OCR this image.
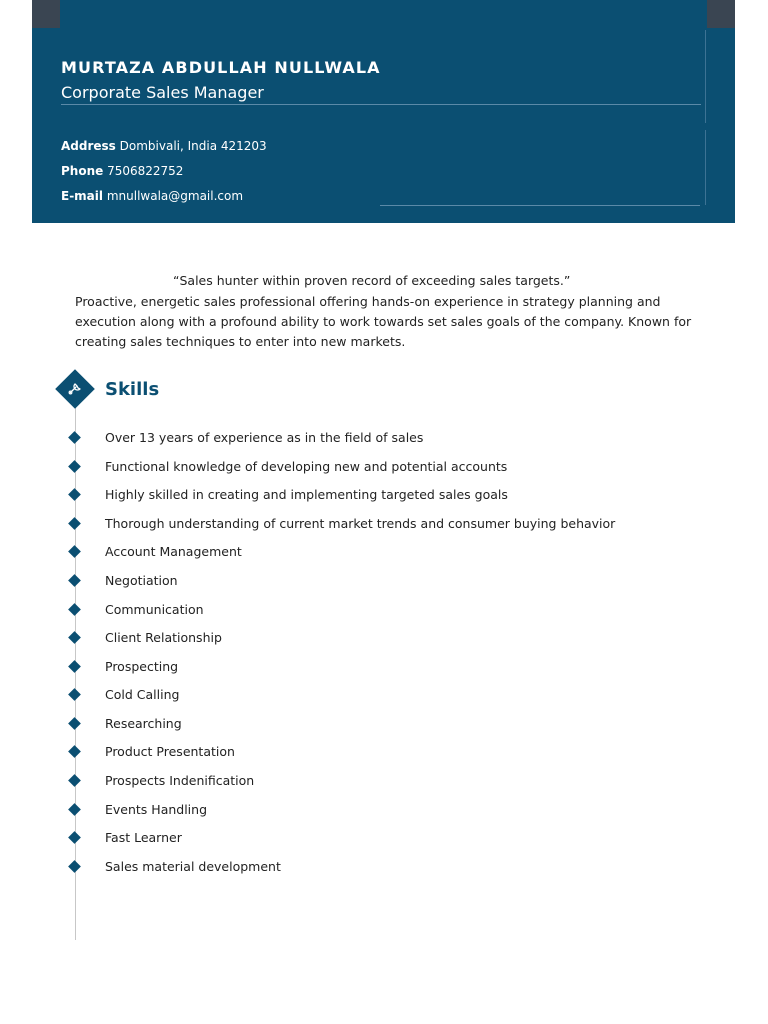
MURTAZA ABDULLAH NULLWALA
Corporate Sales Manager
Address Dombivali, India 421203
Phone 7506822752
E-mail mnullwala@gmail.com
“Sales hunter within proven record of exceeding sales targets.”
Proactive, energetic sales professional offering hands-on experience in strategy planning and execution along with a profound ability to work towards set sales goals of the company. Known for creating sales techniques to enter into new markets.
Skills
Over 13 years of experience as in the field of sales
Functional knowledge of developing new and potential accounts
Highly skilled in creating and implementing targeted sales goals
Thorough understanding of current market trends and consumer buying behavior
Account Management
Negotiation
Communication
Client Relationship
Prospecting
Cold Calling
Researching
Product Presentation
Prospects Indenification
Events Handling
Fast Learner
Sales material development
